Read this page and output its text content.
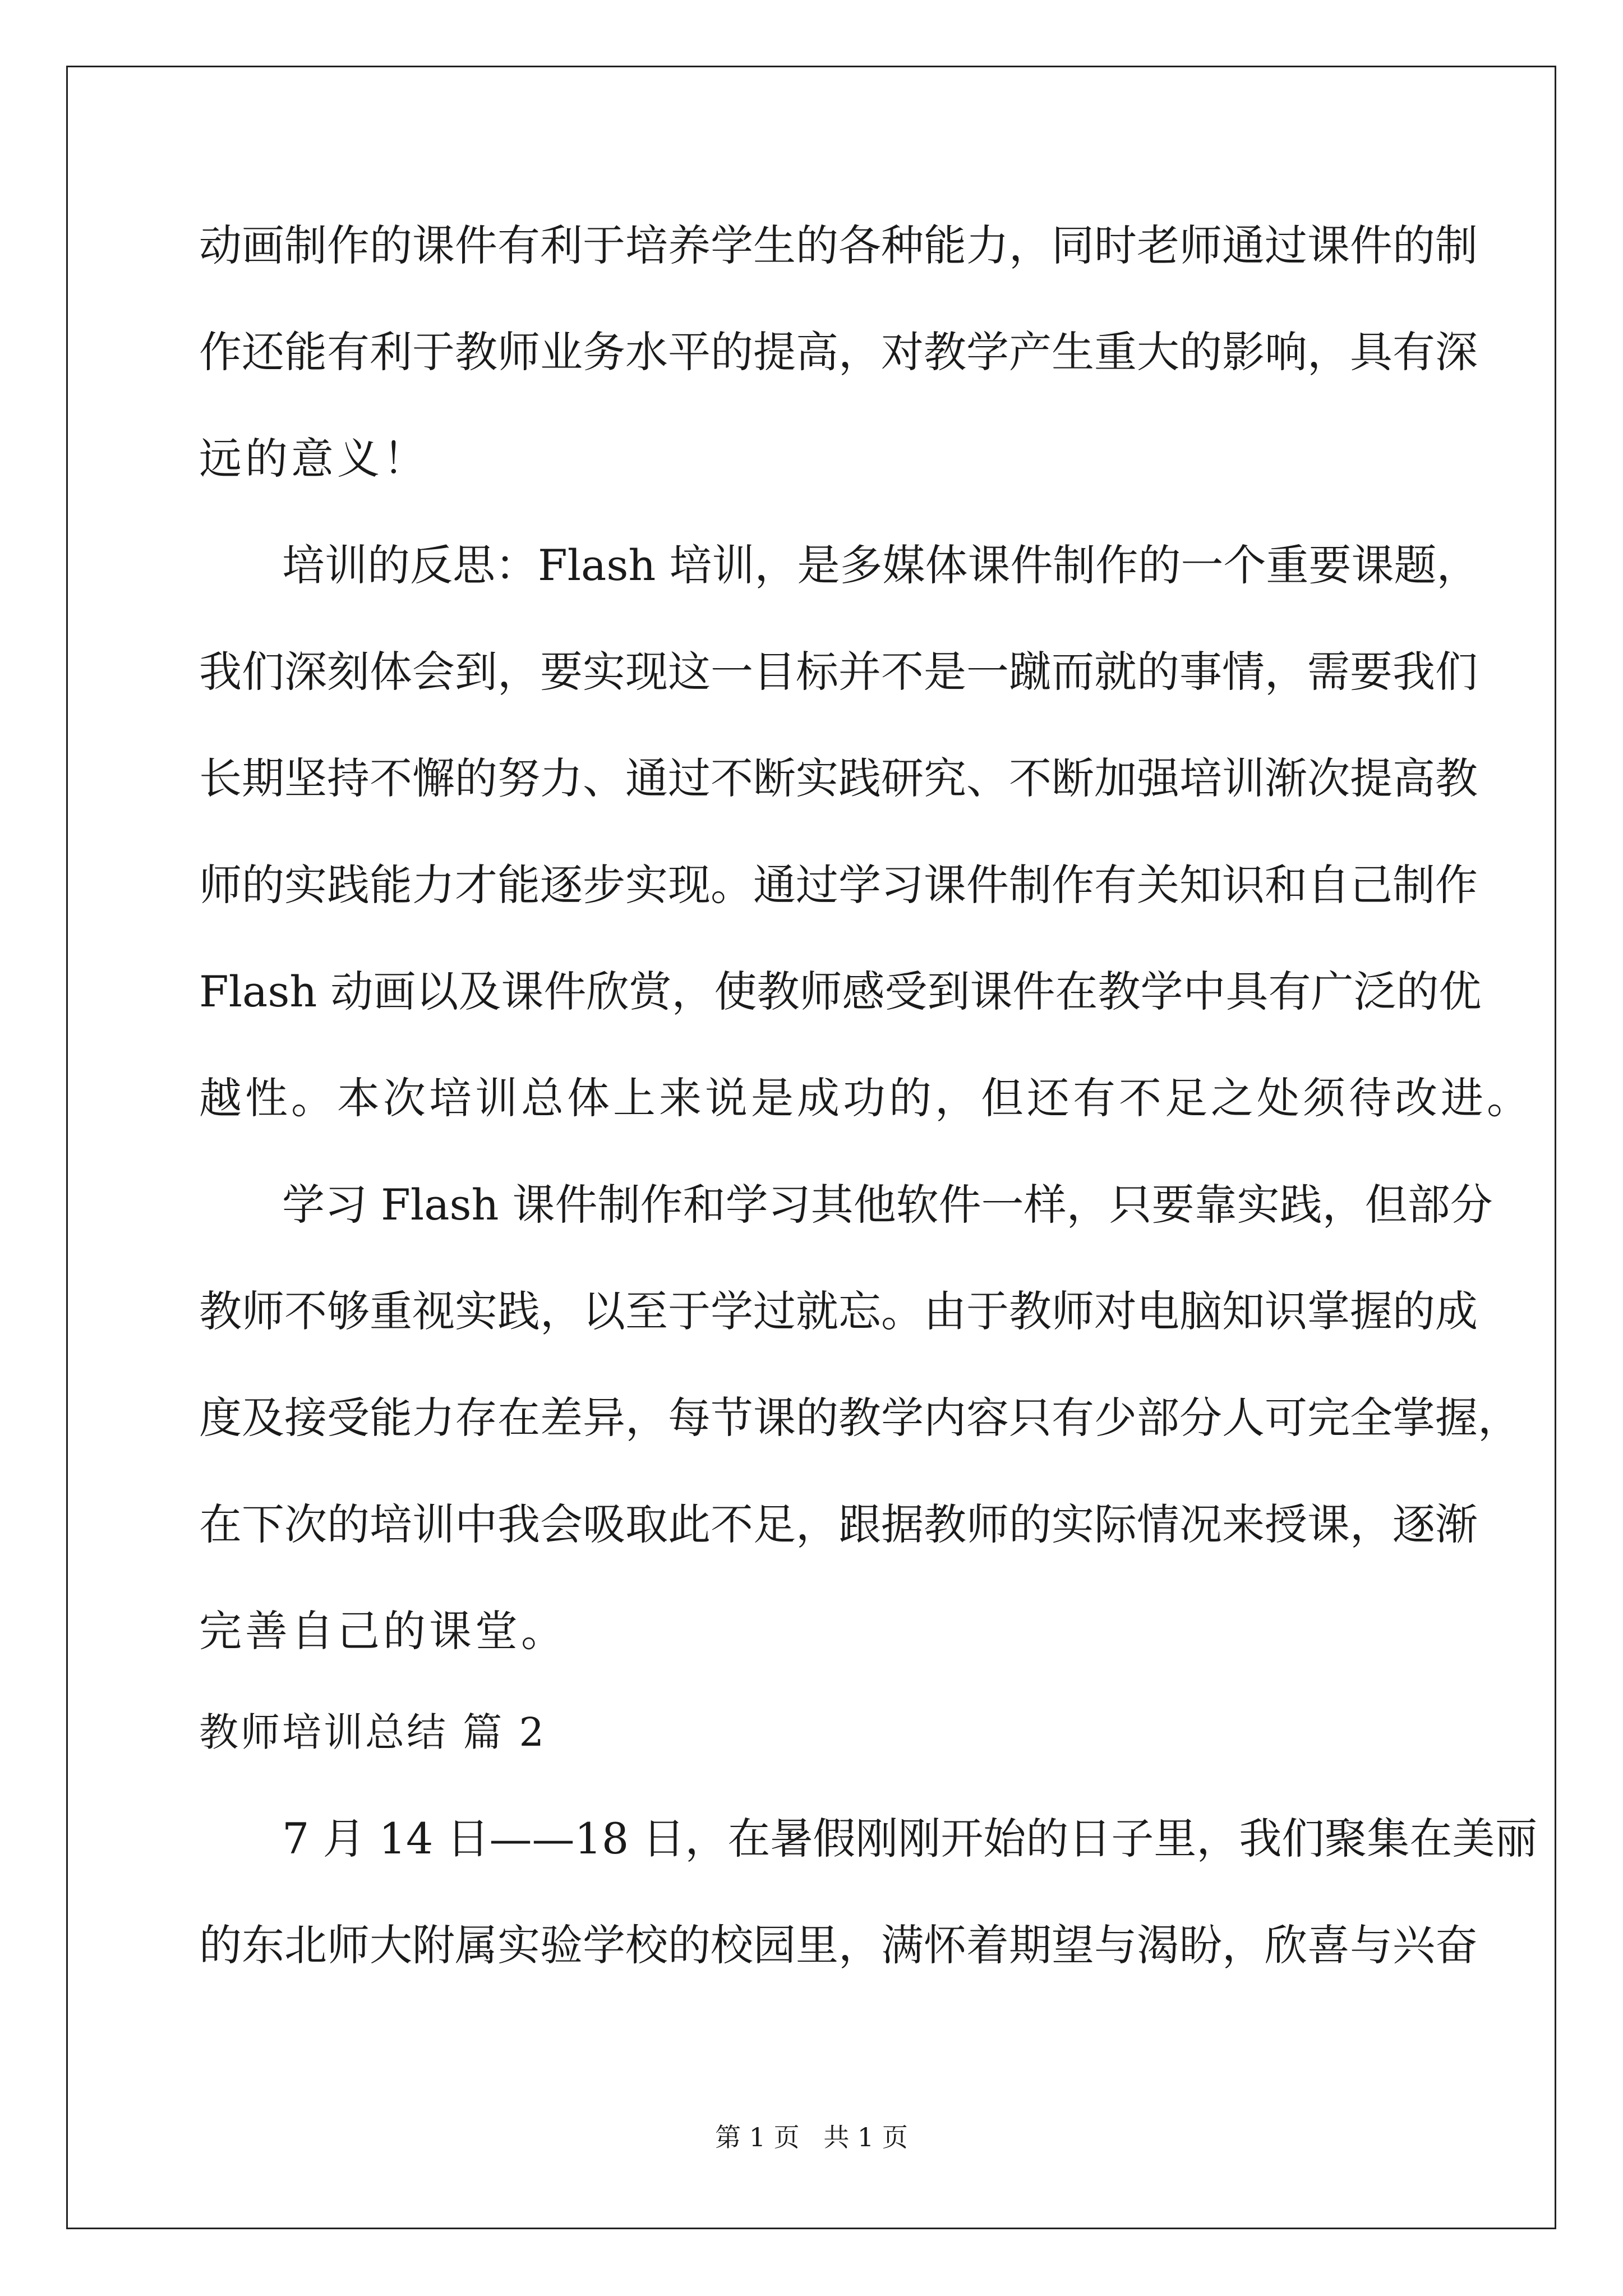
动画制作的课件有利于培养学生的各种能力，同时老师通过课件的制
作还能有利于教师业务水平的提高，对教学产生重大的影响，具有深
远的意义！
培训的反思：Flash 培训，是多媒体课件制作的一个重要课题，
我们深刻体会到，要实现这一目标并不是一蹴而就的事情，需要我们
长期坚持不懈的努力、通过不断实践研究、不断加强培训渐次提高教
师的实践能力才能逐步实现。通过学习课件制作有关知识和自己制作
Flash 动画以及课件欣赏，使教师感受到课件在教学中具有广泛的优
越性。本次培训总体上来说是成功的，但还有不足之处须待改进。
学习 Flash 课件制作和学习其他软件一样，只要靠实践，但部分
教师不够重视实践，以至于学过就忘。由于教师对电脑知识掌握的成
度及接受能力存在差异，每节课的教学内容只有少部分人可完全掌握，
在下次的培训中我会吸取此不足，跟据教师的实际情况来授课，逐渐
完善自己的课堂。
教师培训总结 篇 2
7 月 14 日——18 日，在暑假刚刚开始的日子里，我们聚集在美丽
的东北师大附属实验学校的校园里，满怀着期望与渴盼，欣喜与兴奋
第 1 页 共 1 页
